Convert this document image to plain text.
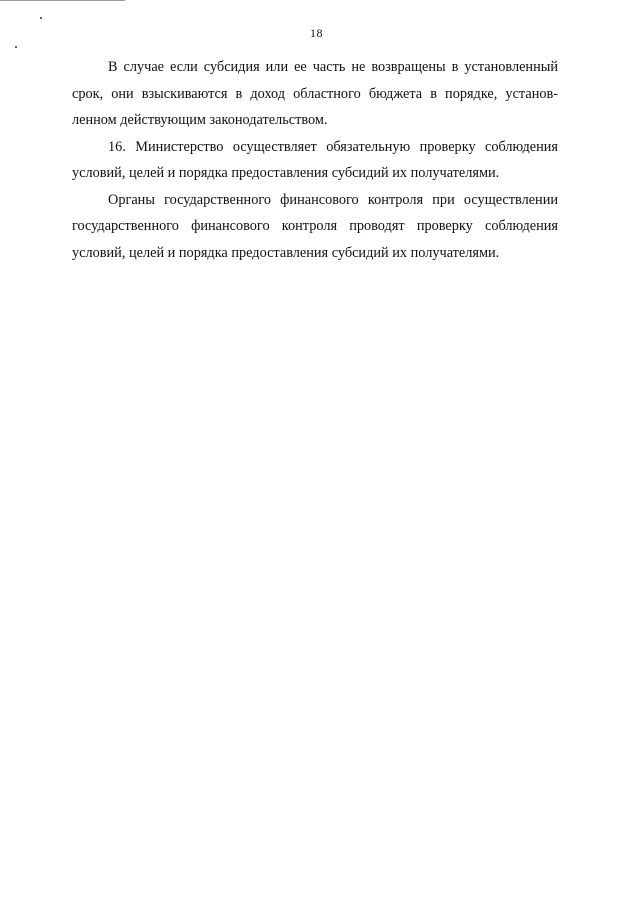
18

В случае если субсидия или ее часть не возвращены в установленный
срок, они взыскиваются в доход областного бюджета в порядке, установ-
ленном действующим законодательством.

16. Министерство осуществляет обязательную проверку соблюдения
условий, целей и порядка предоставления субсидий их получателями.

Органы государственного финансового контроля при осуществлении
государственного финансового контроля проводят проверку соблюдения
условий, целей и порядка предоставления субсидий их получателями.
